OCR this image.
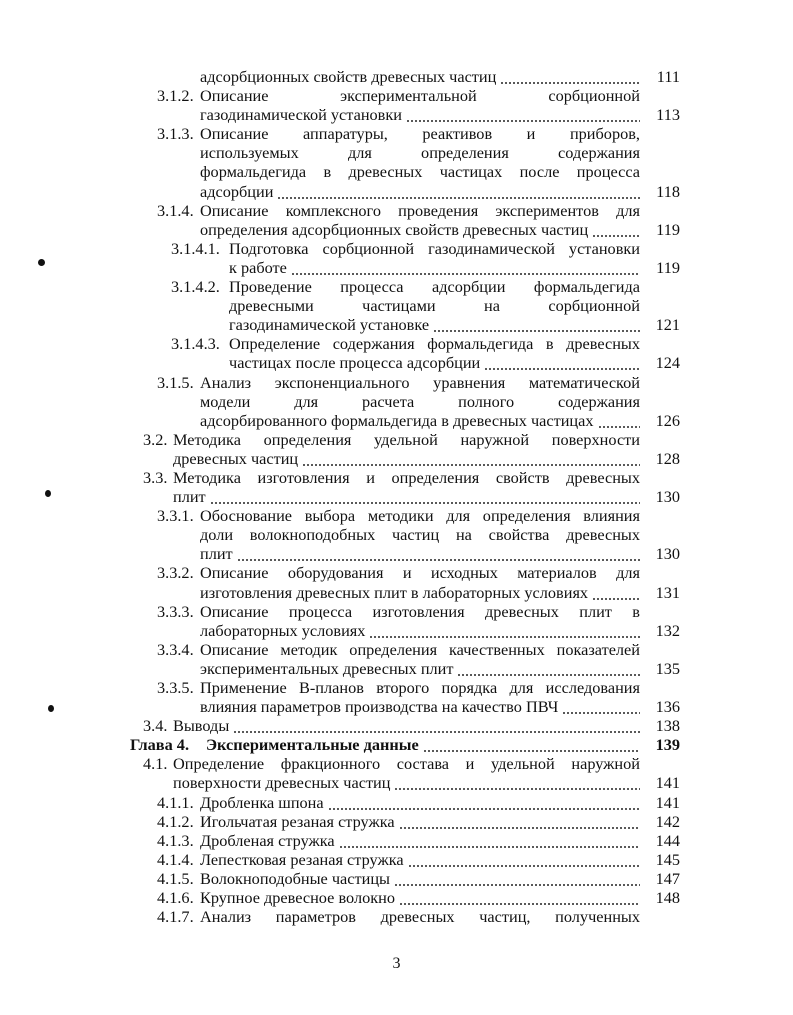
адсорбционных свойств древесных частиц	111
3.1.2. Описание экспериментальной сорбционной
газодинамической установки	113
3.1.3. Описание аппаратуры, реактивов и приборов,
используемых для определения содержания
формальдегида в древесных частицах после процесса
адсорбции	118
3.1.4. Описание комплексного проведения экспериментов для
определения адсорбционных свойств древесных частиц	119
3.1.4.1. Подготовка сорбционной газодинамической установки
к работе	119
3.1.4.2. Проведение процесса адсорбции формальдегида
древесными частицами на сорбционной
газодинамической установке	121
3.1.4.3. Определение содержания формальдегида в древесных
частицах после процесса адсорбции	124
3.1.5. Анализ экспоненциального уравнения математической
модели для расчета полного содержания
адсорбированного формальдегида в древесных частицах	126
3.2. Методика определения удельной наружной поверхности
древесных частиц	128
3.3. Методика изготовления и определения свойств древесных
плит	130
3.3.1. Обоснование выбора методики для определения влияния
доли волокноподобных частиц на свойства древесных
плит	130
3.3.2. Описание оборудования и исходных материалов для
изготовления древесных плит в лабораторных условиях	131
3.3.3. Описание процесса изготовления древесных плит в
лабораторных условиях	132
3.3.4. Описание методик определения качественных показателей
экспериментальных древесных плит	135
3.3.5. Применение В-планов второго порядка для исследования
влияния параметров производства на качество ПВЧ	136
3.4. Выводы	138
Глава 4. Экспериментальные данные	139
4.1. Определение фракционного состава и удельной наружной
поверхности древесных частиц	141
4.1.1. Дробленка шпона	141
4.1.2. Игольчатая резаная стружка	142
4.1.3. Дробленая стружка	144
4.1.4. Лепестковая резаная стружка	145
4.1.5. Волокноподобные частицы	147
4.1.6. Крупное древесное волокно	148
4.1.7. Анализ параметров древесных частиц, полученных
3
